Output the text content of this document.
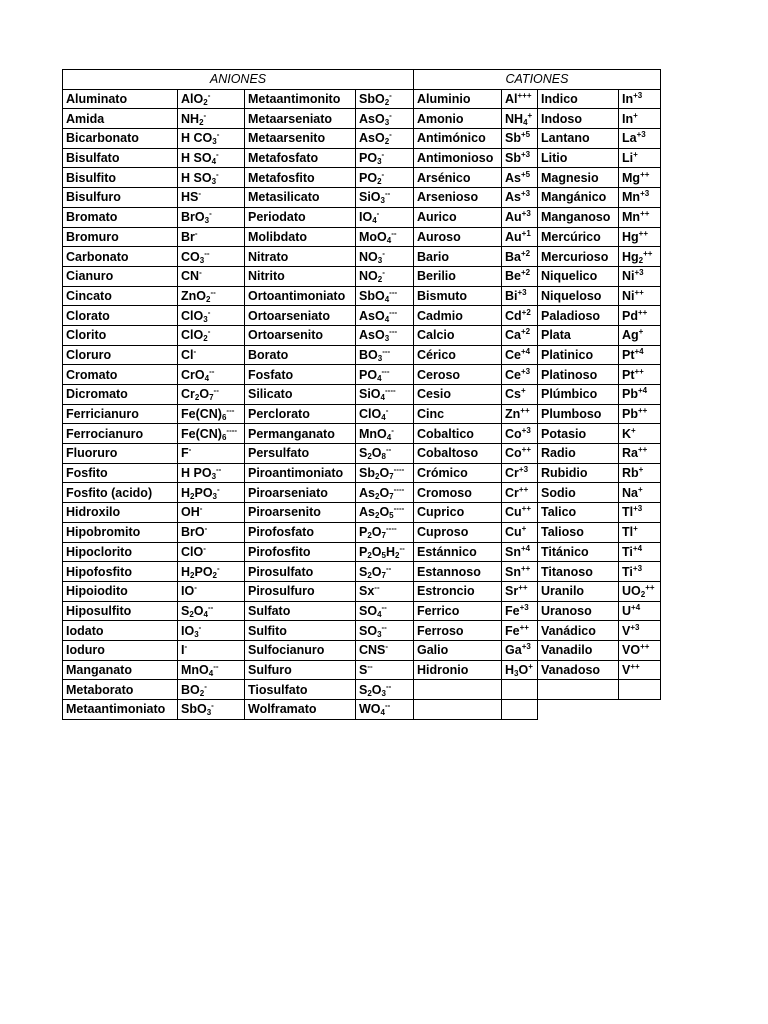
ANIONES				CATIONES			
Aluminato	AlO$_2$-	Metaantimonito	SbO$_2$-	Aluminio	Al+++	Indico	$In^{+3}$
Amida	$NH_2^-$	Metaarseniato	AsO$_3$-	Amonio	$NH_4^+$	Indoso	In+
Bicarbonato	H $CO_3^-$	Metaarsenito	AsO$_2$-	Antimónico	$Sb^{+5}$	Lantano	$La^{+3}$
Bisulfato	H $SO_4^-$	Metafosfato	$PO_3^-$	Antimonioso	$Sb^{+3}$	Litio	Li+
Bisulfito	H $SO_3^-$	Metafosfito	$PO_2^-$	Arsénico	$As^{+5}$	Magnesio	Mg++
Bisulfuro	HS-	Metasilicato	SiO$_3$--	Arsenioso	$As^{+3}$	Mangánico	$Mn^{+3}$
Bromato	BrO$_3$-	Periodato	$IO_4^-$	Aurico	$Au^{+3}$	Manganoso	Mn++
Bromuro	Br-	Molibdato	MoO$_4$--	Auroso	$Au^{+1}$	Mercúrico	Hg++
Carbonato	$CO_3^{--}$	Nitrato	$NO_3^-$	Bario	$Ba^{+2}$	Mercurioso	$Hg_2^{++}$
Cianuro	CN-	Nitrito	$NO_2^-$	Berilio	$Be^{+2}$	Niquelico	$Ni^{+3}$
Cincato	ZnO$_2$--	Ortoantimoniato	SbO$_4$---	Bismuto	$Bi^{+3}$	Niqueloso	Ni++
Clorato	ClO$_3$-	Ortoarseniato	AsO$_4$---	Cadmio	$Cd^{+2}$	Paladioso	Pd++
Clorito	ClO$_2$-	Ortoarsenito	AsO$_3$---	Calcio	$Ca^{+2}$	Plata	Ag+
Cloruro	Cl-	Borato	$BO_3^{---}$	Cérico	$Ce^{+4}$	Platinico	$Pt^{+4}$
Cromato	CrO$_4$--	Fosfato	$PO_4^{---}$	Ceroso	$Ce^{+3}$	Platinoso	Pt++
Dicromato	$Cr_2O_7^{--}$	Silicato	SiO$_4$----	Cesio	Cs+	Plúmbico	$Pb^{+4}$
Ferricianuro	$Fe(CN)_6^{---}$	Perclorato	ClO$_4$-	Cinc	Zn++	Plumboso	Pb++
Ferrocianuro	$Fe(CN)_6^{----}$	Permanganato	MnO$_4$-	Cobaltico	$Co^{+3}$	Potasio	K+
Fluoruro	F-	Persulfato	$S_2O_8^{--}$	Cobaltoso	Co++	Radio	Ra++
Fosfito	H $PO_3^{--}$	Piroantimoniato	$Sb_2O_7^{----}$	Crómico	$Cr^{+3}$	Rubidio	Rb+
Fosfito (acido)	$H_2PO_3^-$	Piroarseniato	$As_2O_7^{----}$	Cromoso	Cr++	Sodio	Na+
Hidroxilo	OH-	Piroarsenito	$As_2O_5^{----}$	Cuprico	Cu++	Talico	$Tl^{+3}$
Hipobromito	BrO-	Pirofosfato	$P_2O_7^{----}$	Cuproso	Cu+	Talioso	Tl+
Hipoclorito	ClO-	Pirofosfito	$P_2O_5H_2^{--}$	Estánnico	$Sn^{+4}$	Titánico	$Ti^{+4}$
Hipofosfito	$H_2PO_2^-$	Pirosulfato	$S_2O_7^{--}$	Estannoso	Sn++	Titanoso	$Ti^{+3}$
Hipoiodito	IO-	Pirosulfuro	Sx--	Estroncio	Sr++	Uranilo	$UO_2^{++}$
Hiposulfito	$S_2O_4^{--}$	Sulfato	$SO_4^{--}$	Ferrico	$Fe^{+3}$	Uranoso	$U^{+4}$
Iodato	$IO_3^-$	Sulfito	$SO_3^{--}$	Ferroso	Fe++	Vanádico	$V^{+3}$
Ioduro	I-	Sulfocianuro	CNS-	Galio	$Ga^{+3}$	Vanadilo	VO++
Manganato	MnO$_4$--	Sulfuro	S--	Hidronio	$H_3O^+$	Vanadoso	V++
Metaborato	$BO_2^-$	Tiosulfato	$S_2O_3^{--}$				
Metaantimoniato	SbO$_3$-	Wolframato	$WO_4^{--}$				
